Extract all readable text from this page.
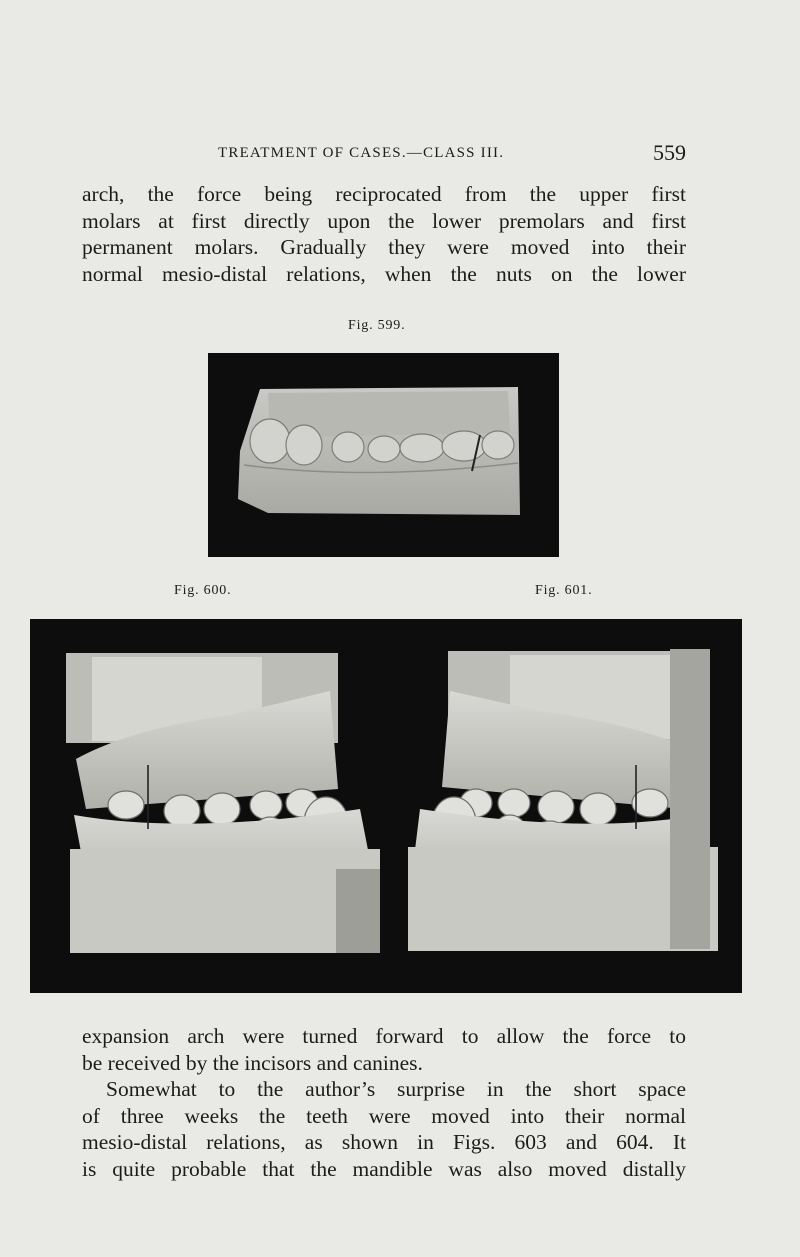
TREATMENT OF CASES.—CLASS III.	559

arch, the force being reciprocated from the upper first
molars at first directly upon the lower premolars and first
permanent molars. Gradually they were moved into their
normal mesio-distal relations, when the nuts on the lower

Fig. 599.
Fig. 600.	Fig. 601.

expansion arch were turned forward to allow the force to
be received by the incisors and canines.

Somewhat to the author’s surprise in the short space
of three weeks the teeth were moved into their normal
mesio-distal relations, as shown in Figs. 603 and 604. It
is quite probable that the mandible was also moved distally
